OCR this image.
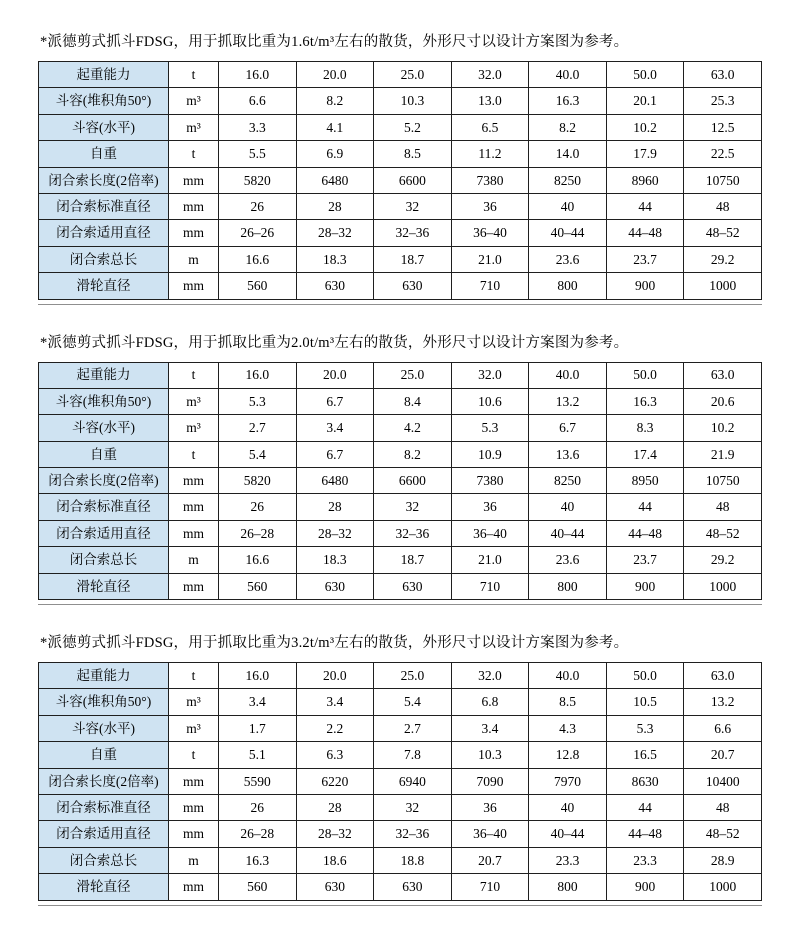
*派德剪式抓斗FDSG，用于抓取比重为1.6t/m³左右的散货，外形尺寸以设计方案图为参考。

起重能力	t	16.0	20.0	25.0	32.0	40.0	50.0	63.0
斗容(堆积角50°)	m³	6.6	8.2	10.3	13.0	16.3	20.1	25.3
斗容(水平)	m³	3.3	4.1	5.2	6.5	8.2	10.2	12.5
自重	t	5.5	6.9	8.5	11.2	14.0	17.9	22.5
闭合索长度(2倍率)	mm	5820	6480	6600	7380	8250	8960	10750
闭合索标准直径	mm	26	28	32	36	40	44	48
闭合索适用直径	mm	26–26	28–32	32–36	36–40	40–44	44–48	48–52
闭合索总长	m	16.6	18.3	18.7	21.0	23.6	23.7	29.2
滑轮直径	mm	560	630	630	710	800	900	1000

*派德剪式抓斗FDSG，用于抓取比重为2.0t/m³左右的散货，外形尺寸以设计方案图为参考。

起重能力	t	16.0	20.0	25.0	32.0	40.0	50.0	63.0
斗容(堆积角50°)	m³	5.3	6.7	8.4	10.6	13.2	16.3	20.6
斗容(水平)	m³	2.7	3.4	4.2	5.3	6.7	8.3	10.2
自重	t	5.4	6.7	8.2	10.9	13.6	17.4	21.9
闭合索长度(2倍率)	mm	5820	6480	6600	7380	8250	8950	10750
闭合索标准直径	mm	26	28	32	36	40	44	48
闭合索适用直径	mm	26–28	28–32	32–36	36–40	40–44	44–48	48–52
闭合索总长	m	16.6	18.3	18.7	21.0	23.6	23.7	29.2
滑轮直径	mm	560	630	630	710	800	900	1000

*派德剪式抓斗FDSG，用于抓取比重为3.2t/m³左右的散货，外形尺寸以设计方案图为参考。

起重能力	t	16.0	20.0	25.0	32.0	40.0	50.0	63.0
斗容(堆积角50°)	m³	3.4	3.4	5.4	6.8	8.5	10.5	13.2
斗容(水平)	m³	1.7	2.2	2.7	3.4	4.3	5.3	6.6
自重	t	5.1	6.3	7.8	10.3	12.8	16.5	20.7
闭合索长度(2倍率)	mm	5590	6220	6940	7090	7970	8630	10400
闭合索标准直径	mm	26	28	32	36	40	44	48
闭合索适用直径	mm	26–28	28–32	32–36	36–40	40–44	44–48	48–52
闭合索总长	m	16.3	18.6	18.8	20.7	23.3	23.3	28.9
滑轮直径	mm	560	630	630	710	800	900	1000
